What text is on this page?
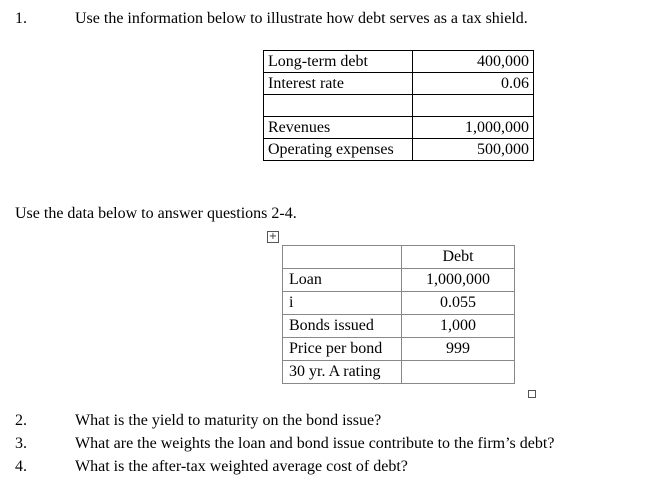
1.	Use the information below to illustrate how debt serves as a tax shield.
Long-term debt	400,000
Interest rate	0.06

Revenues	1,000,000
Operating expenses	500,000
Use the data below to answer questions 2-4.
+
	Debt
Loan	1,000,000
i	0.055
Bonds issued	1,000
Price per bond	999
30 yr. A rating	
2.	What is the yield to maturity on the bond issue?
3.	What are the weights the loan and bond issue contribute to the firm’s debt?
4.	What is the after-tax weighted average cost of debt?
